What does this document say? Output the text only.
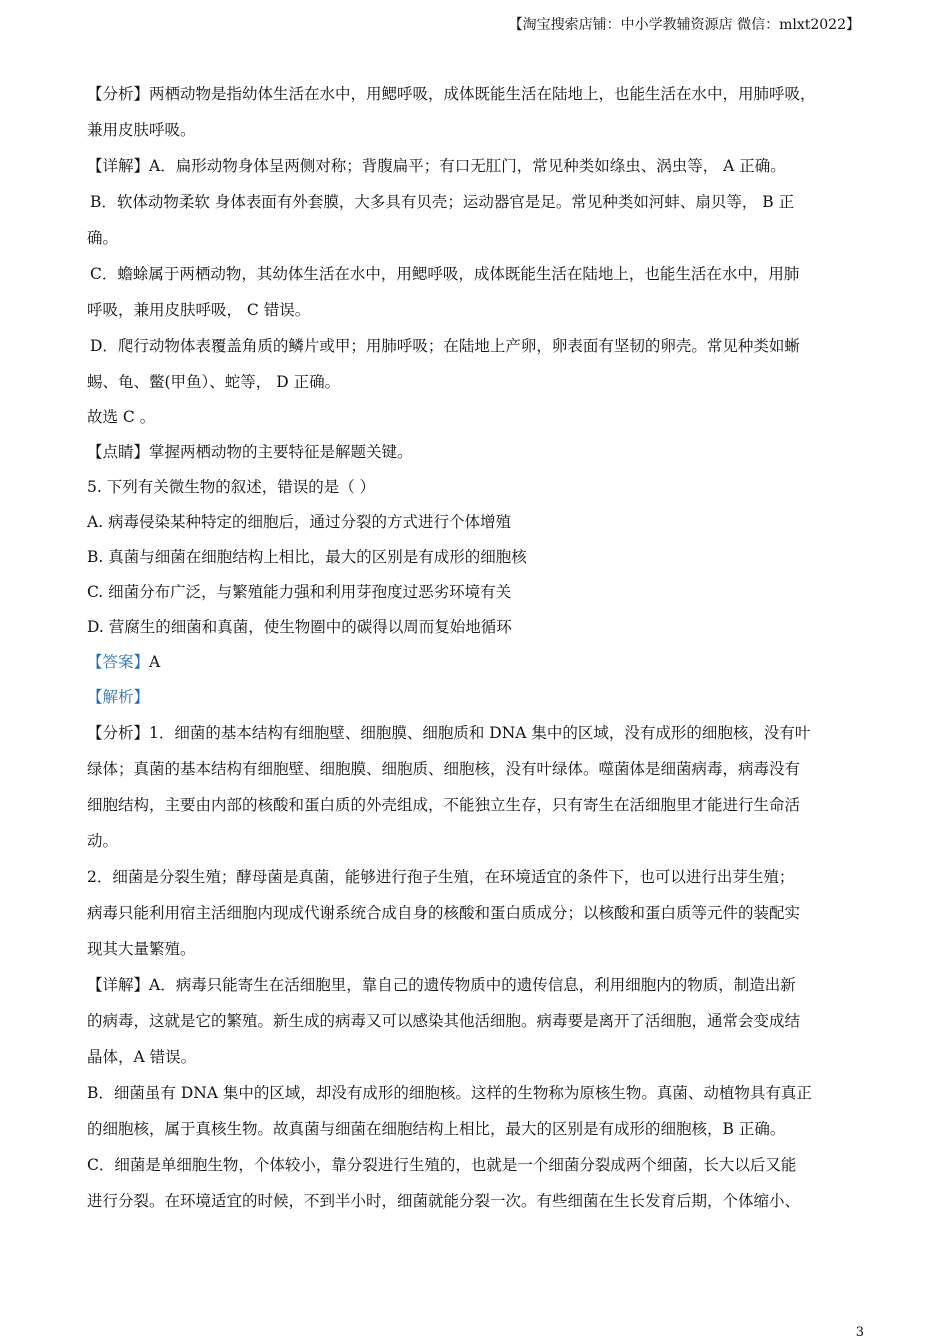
【淘宝搜索店铺：中小学教辅资源店 微信：mlxt2022】

【分析】两栖动物是指幼体生活在水中，用鳃呼吸，成体既能生活在陆地上，也能生活在水中，用肺呼吸，

兼用皮肤呼吸。

【详解】A．扁形动物身体呈两侧对称；背腹扁平；有口无肛门，常见种类如绦虫、涡虫等， A 正确。

B．软体动物柔软 身体表面有外套膜，大多具有贝壳；运动器官是足。常见种类如河蚌、扇贝等， B 正

确。

C．蟾蜍属于两栖动物，其幼体生活在水中，用鳃呼吸，成体既能生活在陆地上，也能生活在水中，用肺

呼吸，兼用皮肤呼吸， C 错误。

D．爬行动物体表覆盖角质的鳞片或甲；用肺呼吸；在陆地上产卵，卵表面有坚韧的卵壳。常见种类如蜥

蜴、龟、鳖(甲鱼）、蛇等， D 正确。

故选 C 。

【点睛】掌握两栖动物的主要特征是解题关键。

5. 下列有关微生物的叙述，错误的是（ ）

A. 病毒侵染某种特定的细胞后，通过分裂的方式进行个体增殖

B. 真菌与细菌在细胞结构上相比，最大的区别是有成形的细胞核

C. 细菌分布广泛，与繁殖能力强和利用芽孢度过恶劣环境有关

D. 营腐生的细菌和真菌，使生物圈中的碳得以周而复始地循环

【答案】A

【解析】

【分析】1．细菌的基本结构有细胞壁、细胞膜、细胞质和 DNA 集中的区域，没有成形的细胞核，没有叶

绿体；真菌的基本结构有细胞壁、细胞膜、细胞质、细胞核，没有叶绿体。噬菌体是细菌病毒，病毒没有

细胞结构，主要由内部的核酸和蛋白质的外壳组成，不能独立生存，只有寄生在活细胞里才能进行生命活

动。

2．细菌是分裂生殖；酵母菌是真菌，能够进行孢子生殖，在环境适宜的条件下，也可以进行出芽生殖；

病毒只能利用宿主活细胞内现成代谢系统合成自身的核酸和蛋白质成分；以核酸和蛋白质等元件的装配实

现其大量繁殖。

【详解】A．病毒只能寄生在活细胞里，靠自己的遗传物质中的遗传信息，利用细胞内的物质，制造出新

的病毒，这就是它的繁殖。新生成的病毒又可以感染其他活细胞。病毒要是离开了活细胞，通常会变成结

晶体，A 错误。

B．细菌虽有 DNA 集中的区域，却没有成形的细胞核。这样的生物称为原核生物。真菌、动植物具有真正

的细胞核，属于真核生物。故真菌与细菌在细胞结构上相比，最大的区别是有成形的细胞核，B 正确。

C．细菌是单细胞生物，个体较小，靠分裂进行生殖的，也就是一个细菌分裂成两个细菌，长大以后又能

进行分裂。在环境适宜的时候，不到半小时，细菌就能分裂一次。有些细菌在生长发育后期，个体缩小、

3
